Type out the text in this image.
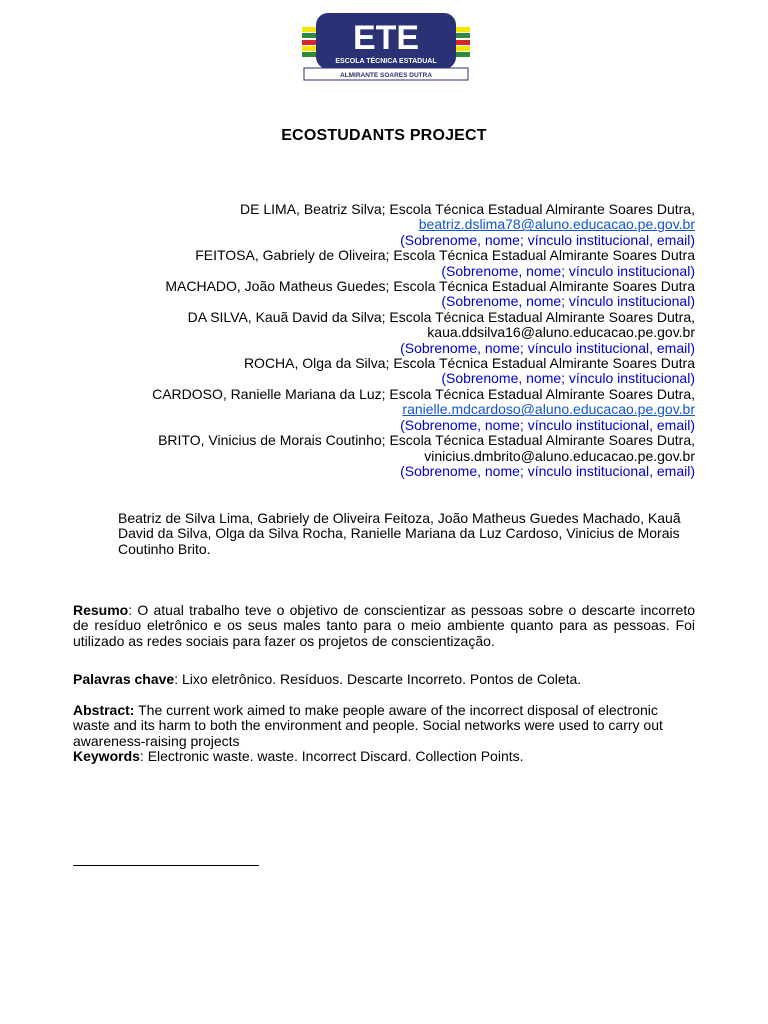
ETE
ESCOLA TÉCNICA ESTADUAL
ALMIRANTE SOARES DUTRA
ECOSTUDANTS PROJECT
DE LIMA, Beatriz Silva; Escola Técnica Estadual Almirante Soares Dutra,
beatriz.dslima78@aluno.educacao.pe.gov.br
(Sobrenome, nome; vínculo institucional, email)
FEITOSA, Gabriely de Oliveira; Escola Técnica Estadual Almirante Soares Dutra
(Sobrenome, nome; vínculo institucional)
MACHADO, João Matheus Guedes; Escola Técnica Estadual Almirante Soares Dutra
(Sobrenome, nome; vínculo institucional)
DA SILVA, Kauã David da Silva; Escola Técnica Estadual Almirante Soares Dutra,
kaua.ddsilva16@aluno.educacao.pe.gov.br
(Sobrenome, nome; vínculo institucional, email)
ROCHA, Olga da Silva; Escola Técnica Estadual Almirante Soares Dutra
(Sobrenome, nome; vínculo institucional)
CARDOSO, Ranielle Mariana da Luz; Escola Técnica Estadual Almirante Soares Dutra,
ranielle.mdcardoso@aluno.educacao.pe.gov.br
(Sobrenome, nome; vínculo institucional, email)
BRITO, Vinicius de Morais Coutinho; Escola Técnica Estadual Almirante Soares Dutra,
vinicius.dmbrito@aluno.educacao.pe.gov.br
(Sobrenome, nome; vínculo institucional, email)
Beatriz de Silva Lima, Gabriely de Oliveira Feitoza, João Matheus Guedes Machado, Kauã David da Silva, Olga da Silva Rocha, Ranielle Mariana da Luz Cardoso, Vinicius de Morais Coutinho Brito.
Resumo: O atual trabalho teve o objetivo de conscientizar as pessoas sobre o descarte incorreto de resíduo eletrônico e os seus males tanto para o meio ambiente quanto para as pessoas. Foi utilizado as redes sociais para fazer os projetos de conscientização.
Palavras chave: Lixo eletrônico. Resíduos. Descarte Incorreto. Pontos de Coleta.
Abstract: The current work aimed to make people aware of the incorrect disposal of electronic waste and its harm to both the environment and people. Social networks were used to carry out awareness-raising projects
Keywords: Electronic waste. waste. Incorrect Discard. Collection Points.
